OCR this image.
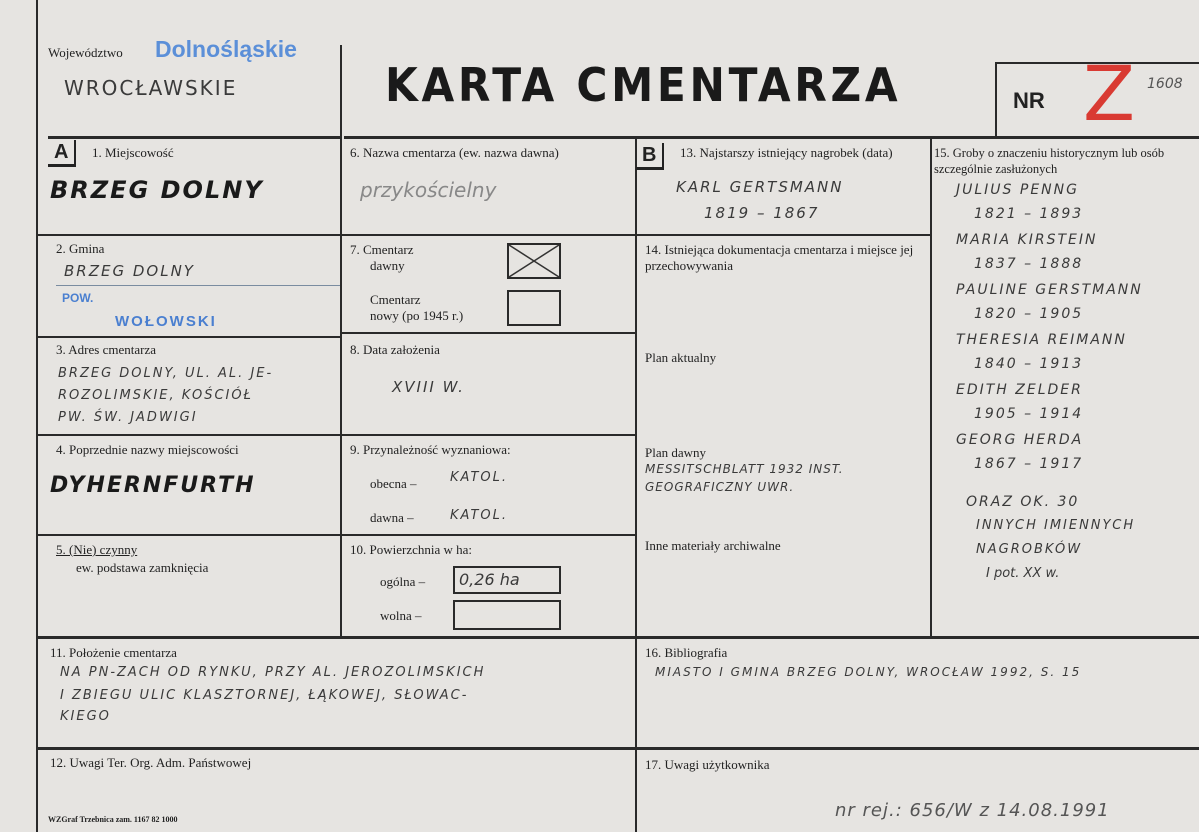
Województwo Dolnośląskie
WROCŁAWSKIE	KARTA CMENTARZA	NR Z 1608
A	1. Miejscowość
BRZEG DOLNY
2. Gmina
BRZEG DOLNY
POW.
WOŁOWSKI
3. Adres cmentarza
BRZEG DOLNY, UL. AL. JE-
ROZOLIMSKIE, KOŚCIÓŁ
PW. ŚW. JADWIGI
4. Poprzednie nazwy miejscowości
DYHERNFURTH
5. (Nie) czynny
ew. podstawa zamknięcia
6. Nazwa cmentarza (ew. nazwa dawna)
przykościelny
7. Cmentarz
dawny
Cmentarz
nowy (po 1945 r.)
8. Data założenia
XVIII W.
9. Przynależność wyznaniowa:
obecna –	KATOL.
dawna –	KATOL.
10. Powierzchnia w ha:
ogólna – 0,26 ha
wolna –
B	13. Najstarszy istniejący nagrobek (data)
KARL GERTSMANN
1819 – 1867
14. Istniejąca dokumentacja cmentarza i miejsce jej przechowywania
Plan aktualny
Plan dawny
MESSITSCHBLATT 1932 INST.
GEOGRAFICZNY UWR.
Inne materiały archiwalne
15. Groby o znaczeniu historycznym lub osób szczególnie zasłużonych
JULIUS PENNG
1821 – 1893
MARIA KIRSTEIN
1837 – 1888
PAULINE GERSTMANN
1820 – 1905
THERESIA REIMANN
1840 – 1913
EDITH ZELDER
1905 – 1914
GEORG HERDA
1867 – 1917
ORAZ OK. 30
INNYCH IMIENNYCH
NAGROBKÓW
I pot. XX w.
11. Położenie cmentarza
NA PN-ZACH OD RYNKU, PRZY AL. JEROZOLIMSKICH
I ZBIEGU ULIC KLASZTORNEJ, ŁĄKOWEJ, SŁOWAC-
KIEGO
16. Bibliografia
MIASTO I GMINA BRZEG DOLNY, WROCŁAW 1992, S. 15
12. Uwagi Ter. Org. Adm. Państwowej	17. Uwagi użytkownika
nr rej.: 656/W z 14.08.1991
WZGraf Trzebnica zam. 1167 82 1000
